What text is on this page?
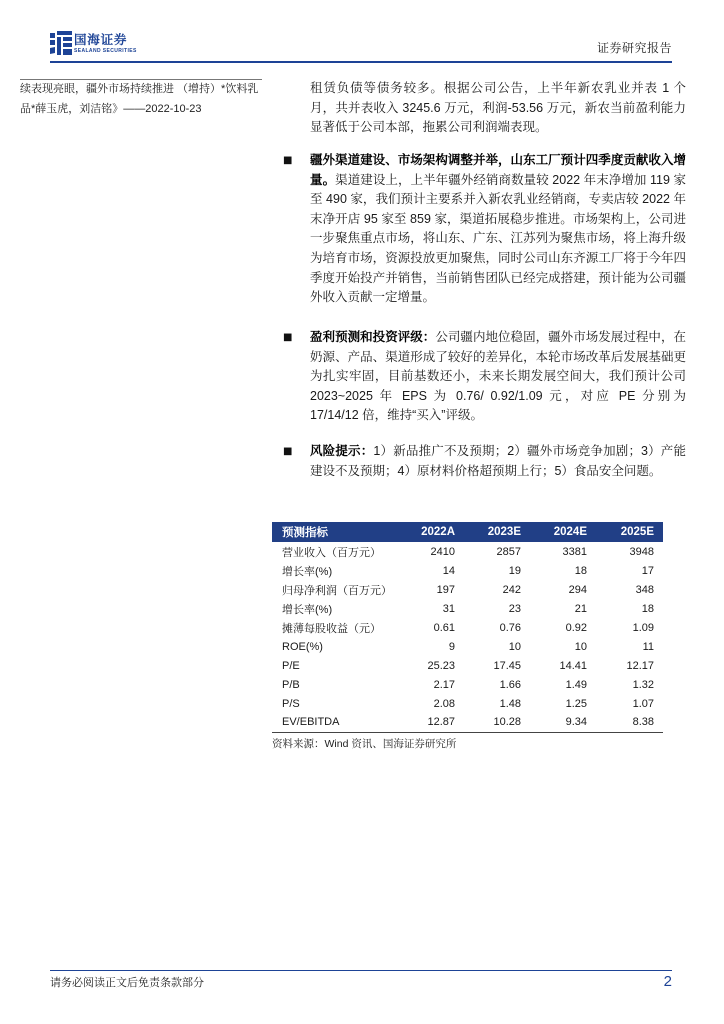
国海证券
SEALAND SECURITIES	证券研究报告
续表现亮眼，疆外市场持续推进 （增持）*饮料乳品*薛玉虎，刘洁铭》——2022-10-23

租赁负债等债务较多。根据公司公告，上半年新农乳业并表 1 个月，共并表收入 3245.6 万元，利润-53.56 万元，新农当前盈利能力显著低于公司本部，拖累公司利润端表现。

■ 疆外渠道建设、市场架构调整并举，山东工厂预计四季度贡献收入增量。渠道建设上，上半年疆外经销商数量较 2022 年末净增加 119 家至 490 家，我们预计主要系并入新农乳业经销商，专卖店较 2022 年末净开店 95 家至 859 家，渠道拓展稳步推进。市场架构上，公司进一步聚焦重点市场，将山东、广东、江苏列为聚焦市场，将上海升级为培育市场，资源投放更加聚焦，同时公司山东齐源工厂将于今年四季度开始投产并销售，当前销售团队已经完成搭建，预计能为公司疆外收入贡献一定增量。

■ 盈利预测和投资评级：公司疆内地位稳固，疆外市场发展过程中，在奶源、产品、渠道形成了较好的差异化，本轮市场改革后发展基础更为扎实牢固，目前基数还小，未来长期发展空间大，我们预计公司 2023~2025 年 EPS 为 0.76/ 0.92/1.09 元，对应 PE 分别为 17/14/12 倍，维持“买入”评级。

■ 风险提示：1）新品推广不及预期；2）疆外市场竞争加剧；3）产能建设不及预期；4）原材料价格超预期上行；5）食品安全问题。

预测指标	2022A	2023E	2024E	2025E
营业收入（百万元）	2410	2857	3381	3948
增长率(%)	14	19	18	17
归母净利润（百万元）	197	242	294	348
增长率(%)	31	23	21	18
摊薄每股收益（元）	0.61	0.76	0.92	1.09
ROE(%)	9	10	10	11
P/E	25.23	17.45	14.41	12.17
P/B	2.17	1.66	1.49	1.32
P/S	2.08	1.48	1.25	1.07
EV/EBITDA	12.87	10.28	9.34	8.38
资料来源：Wind 资讯、国海证券研究所
请务必阅读正文后免责条款部分	2
